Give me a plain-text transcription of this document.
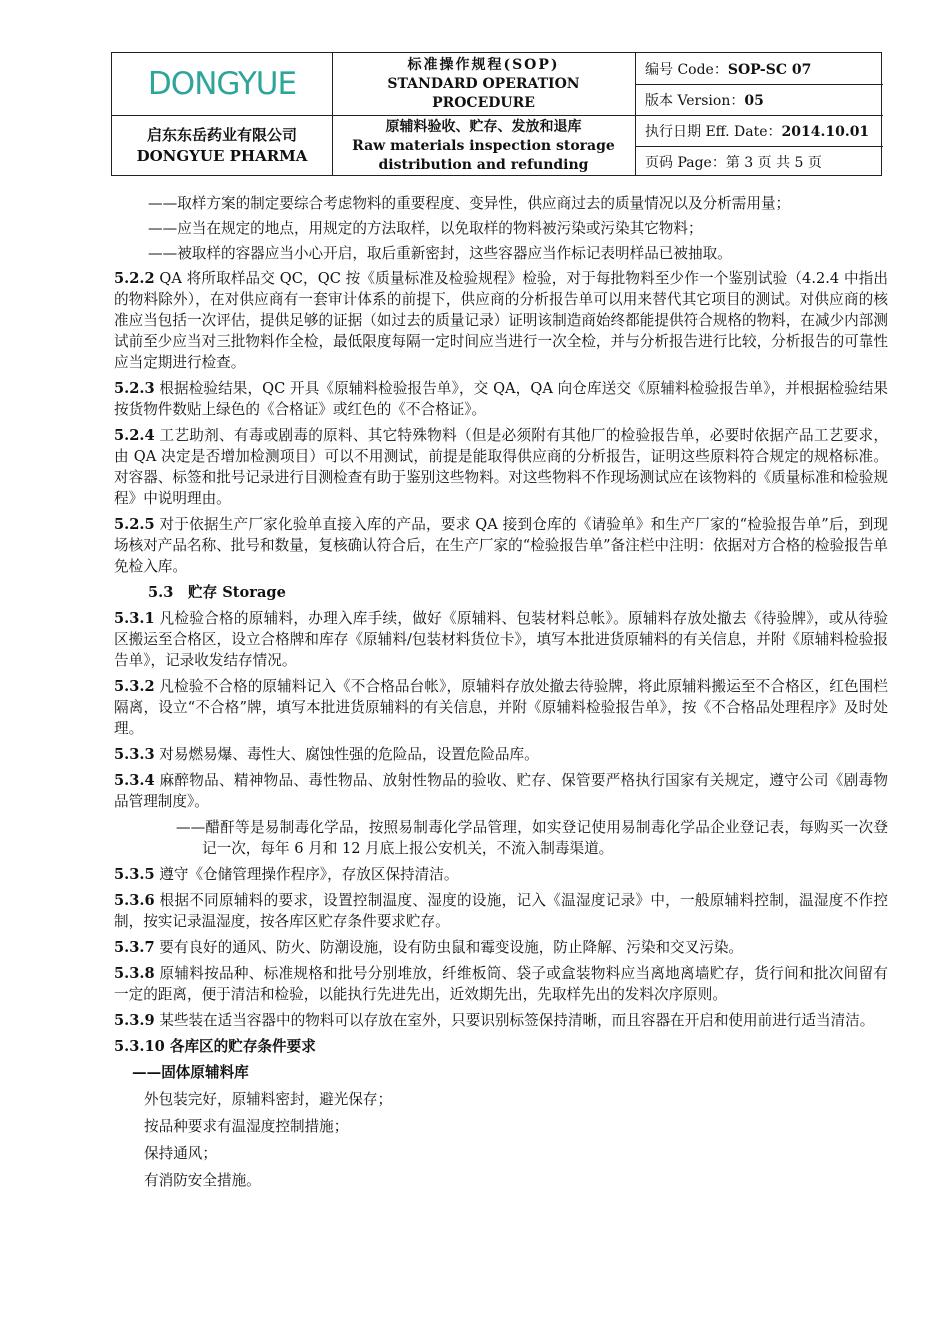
DONGYUE
启东东岳药业有限公司
DONGYUE PHARMA
标准操作规程(SOP)
STANDARD OPERATION
PROCEDURE
原辅料验收、贮存、发放和退库
Raw materials inspection storage
distribution and refunding
编号 Code：SOP-SC 07
版本 Version：05
执行日期 Eff. Date：2014.10.01
页码 Page：第 3 页 共 5 页

——取样方案的制定要综合考虑物料的重要程度、变异性，供应商过去的质量情况以及分析需用量；

——应当在规定的地点，用规定的方法取样，以免取样的物料被污染或污染其它物料；

——被取样的容器应当小心开启，取后重新密封，这些容器应当作标记表明样品已被抽取。

5.2.2 QA 将所取样品交 QC，QC 按《质量标准及检验规程》检验，对于每批物料至少作一个鉴别试验（4.2.4 中指出的物料除外），在对供应商有一套审计体系的前提下，供应商的分析报告单可以用来替代其它项目的测试。对供应商的核准应当包括一次评估，提供足够的证据（如过去的质量记录）证明该制造商始终都能提供符合规格的物料，在减少内部测试前至少应当对三批物料作全检，最低限度每隔一定时间应当进行一次全检，并与分析报告进行比较，分析报告的可靠性应当定期进行检查。

5.2.3 根据检验结果，QC 开具《原辅料检验报告单》，交 QA，QA 向仓库送交《原辅料检验报告单》，并根据检验结果按货物件数贴上绿色的《合格证》或红色的《不合格证》。

5.2.4 工艺助剂、有毒或剧毒的原料、其它特殊物料（但是必须附有其他厂的检验报告单，必要时依据产品工艺要求，由 QA 决定是否增加检测项目）可以不用测试，前提是能取得供应商的分析报告，证明这些原料符合规定的规格标准。对容器、标签和批号记录进行目测检查有助于鉴别这些物料。对这些物料不作现场测试应在该物料的《质量标准和检验规程》中说明理由。

5.2.5 对于依据生产厂家化验单直接入库的产品，要求 QA 接到仓库的《请验单》和生产厂家的“检验报告单”后，到现场核对产品名称、批号和数量，复核确认符合后，在生产厂家的“检验报告单”备注栏中注明：依据对方合格的检验报告单免检入库。

5.3　贮存 Storage

5.3.1 凡检验合格的原辅料，办理入库手续，做好《原辅料、包装材料总帐》。原辅料存放处撤去《待验牌》，或从待验区搬运至合格区，设立合格牌和库存《原辅料/包装材料货位卡》，填写本批进货原辅料的有关信息，并附《原辅料检验报告单》，记录收发结存情况。

5.3.2 凡检验不合格的原辅料记入《不合格品台帐》，原辅料存放处撤去待验牌，将此原辅料搬运至不合格区，红色围栏隔离，设立“不合格”牌，填写本批进货原辅料的有关信息，并附《原辅料检验报告单》，按《不合格品处理程序》及时处理。

5.3.3 对易燃易爆、毒性大、腐蚀性强的危险品，设置危险品库。

5.3.4 麻醉物品、精神物品、毒性物品、放射性物品的验收、贮存、保管要严格执行国家有关规定，遵守公司《剧毒物品管理制度》。

——醋酐等是易制毒化学品，按照易制毒化学品管理，如实登记使用易制毒化学品企业登记表，每购买一次登记一次，每年 6 月和 12 月底上报公安机关，不流入制毒渠道。

5.3.5 遵守《仓储管理操作程序》，存放区保持清洁。

5.3.6 根据不同原辅料的要求，设置控制温度、湿度的设施，记入《温湿度记录》中，一般原辅料控制，温湿度不作控制，按实记录温湿度，按各库区贮存条件要求贮存。

5.3.7 要有良好的通风、防火、防潮设施，设有防虫鼠和霉变设施，防止降解、污染和交叉污染。

5.3.8 原辅料按品种、标准规格和批号分别堆放，纤维板筒、袋子或盒装物料应当离地离墙贮存，货行间和批次间留有一定的距离，便于清洁和检验，以能执行先进先出，近效期先出，先取样先出的发料次序原则。

5.3.9 某些装在适当容器中的物料可以存放在室外，只要识别标签保持清晰，而且容器在开启和使用前进行适当清洁。

5.3.10 各库区的贮存条件要求

——固体原辅料库

外包装完好，原辅料密封，避光保存；

按品种要求有温湿度控制措施；

保持通风；

有消防安全措施。
